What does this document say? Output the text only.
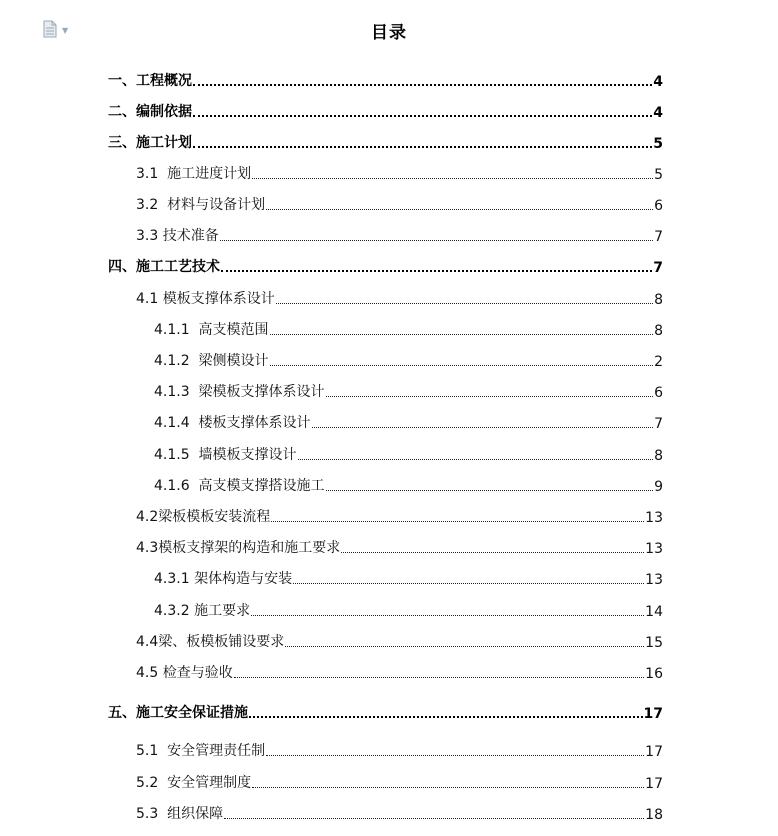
▼	目录
一、工程概况	4
二、编制依据	4
三、施工计划	5
3.1  施工进度计划	5
3.2  材料与设备计划	6
3.3 技术准备	7
四、施工工艺技术	7
4.1 模板支撑体系设计	8
4.1.1  高支模范围	8
4.1.2  梁侧模设计	2
4.1.3  梁模板支撑体系设计	6
4.1.4  楼板支撑体系设计	7
4.1.5  墙模板支撑设计	8
4.1.6  高支模支撑搭设施工	9
4.2梁板模板安装流程	13
4.3模板支撑架的构造和施工要求	13
4.3.1 架体构造与安装	13
4.3.2 施工要求	14
4.4梁、板模板铺设要求	15
4.5 检查与验收	16
五、施工安全保证措施	17
5.1  安全管理责任制	17
5.2  安全管理制度	17
5.3  组织保障	18
